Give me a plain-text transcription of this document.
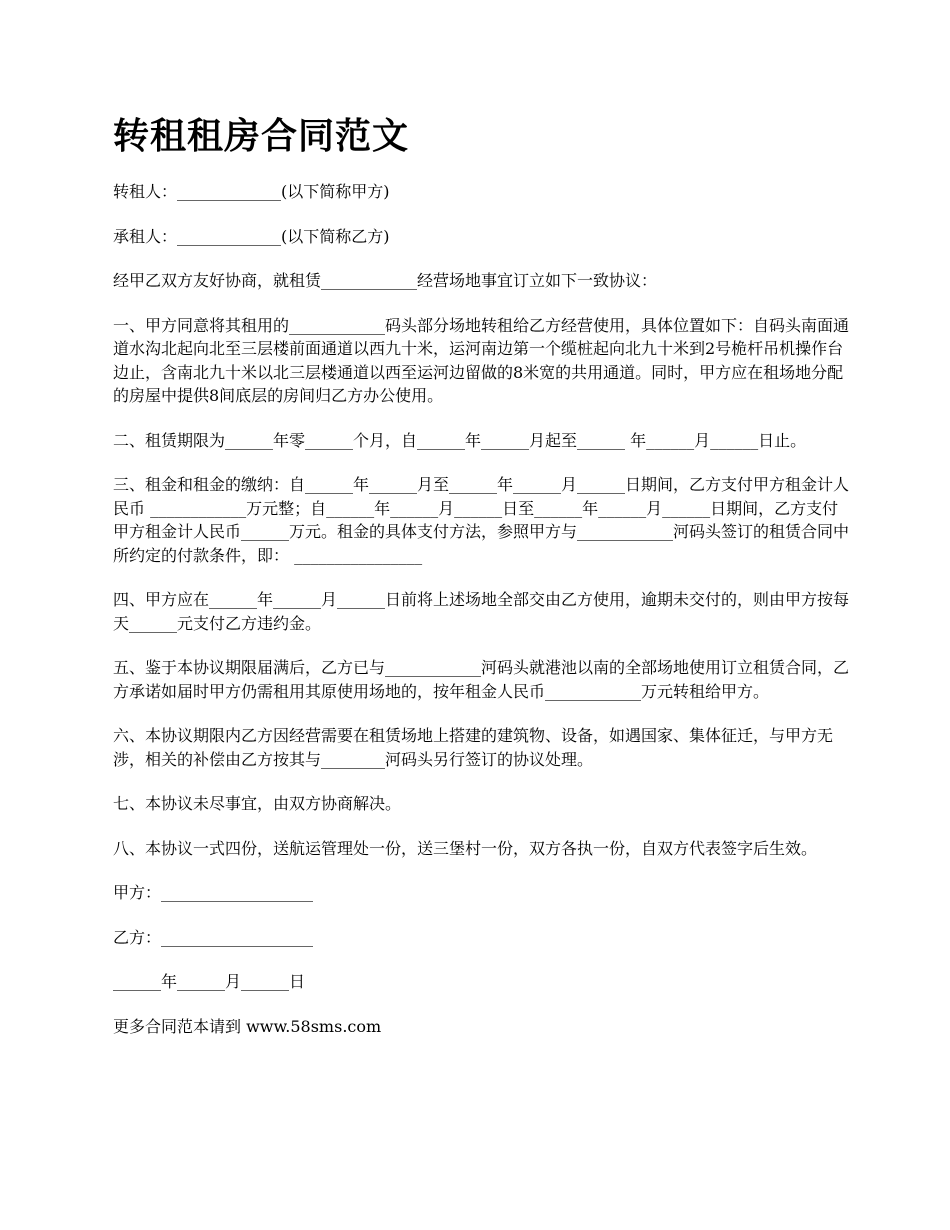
转租租房合同范文

转租人：_____________(以下简称甲方)

承租人：_____________(以下简称乙方)

经甲乙双方友好协商，就租赁____________经营场地事宜订立如下一致协议：

一、甲方同意将其租用的____________码头部分场地转租给乙方经营使用，具体位置如下：自码头南面通道水沟北起向北至三层楼前面通道以西九十米，运河南边第一个缆桩起向北九十米到2号桅杆吊机操作台边止，含南北九十米以北三层楼通道以西至运河边留做的8米宽的共用通道。同时，甲方应在租场地分配的房屋中提供8间底层的房间归乙方办公使用。

二、租赁期限为______年零______个月，自______年______月起至______ 年______月______日止。

三、租金和租金的缴纳：自______年______月至______年______月______日期间，乙方支付甲方租金计人民币 ____________万元整；自______年______月______日至______年______月______日期间，乙方支付甲方租金计人民币______万元。租金的具体支付方法，参照甲方与____________河码头签订的租赁合同中所约定的付款条件，即： ________________

四、甲方应在______年______月______日前将上述场地全部交由乙方使用，逾期未交付的，则由甲方按每天______元支付乙方违约金。

五、鉴于本协议期限届满后，乙方已与____________河码头就港池以南的全部场地使用订立租赁合同，乙方承诺如届时甲方仍需租用其原使用场地的，按年租金人民币____________万元转租给甲方。

六、本协议期限内乙方因经营需要在租赁场地上搭建的建筑物、设备，如遇国家、集体征迁，与甲方无涉，相关的补偿由乙方按其与________河码头另行签订的协议处理。

七、本协议未尽事宜，由双方协商解决。

八、本协议一式四份，送航运管理处一份，送三堡村一份，双方各执一份，自双方代表签字后生效。

甲方：___________________

乙方：___________________

______年______月______日

更多合同范本请到 www.58sms.com
